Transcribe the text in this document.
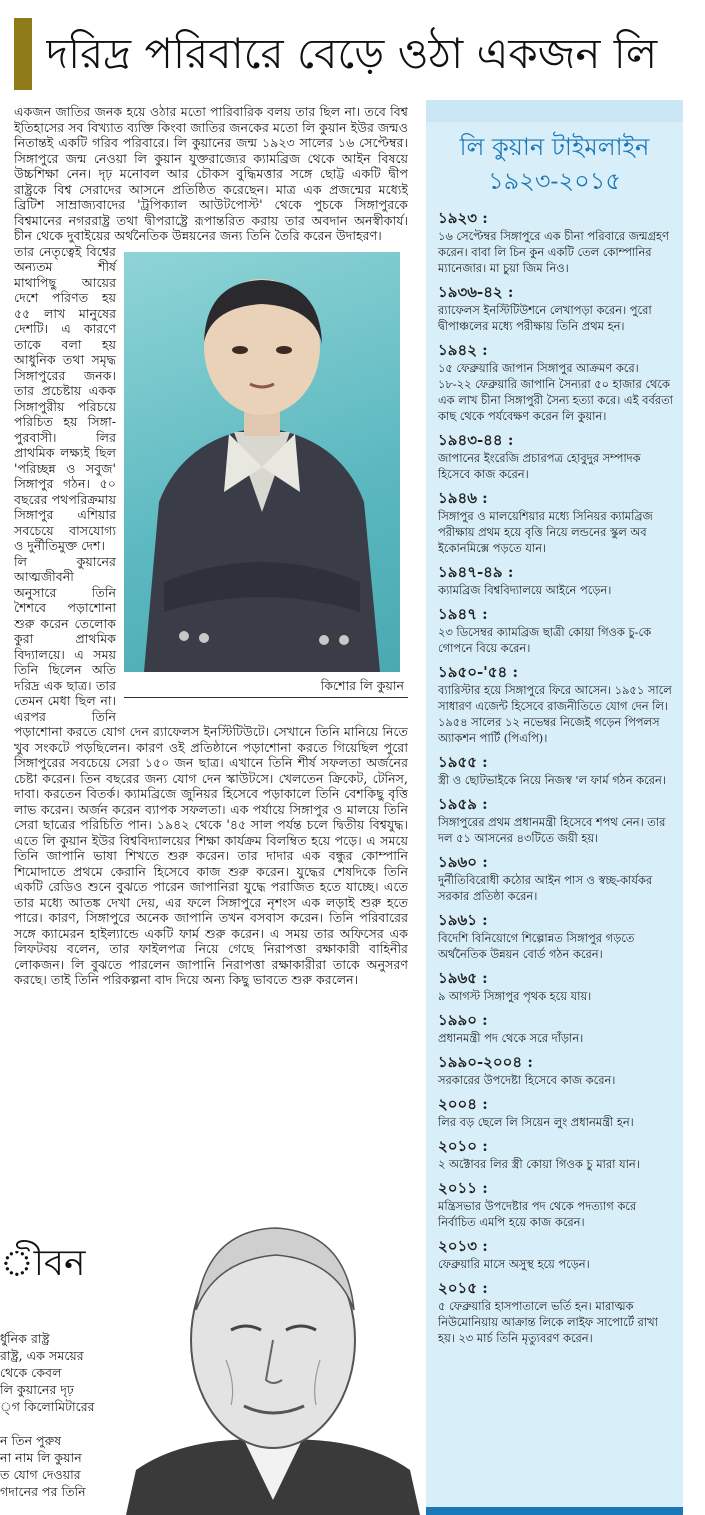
দরিদ্র পরিবারে বেড়ে ওঠা একজন লি

একজন জাতির জনক হয়ে ওঠার মতো পারিবারিক বলয় তার ছিল না। তবে বিশ্ব ইতিহাসের সব বিখ্যাত ব্যক্তি কিংবা জাতির জনকের মতো লি কুয়ান ইউর জন্মও নিতান্তই একটি গরিব পরিবারে। লি কুয়ানের জন্ম ১৯২৩ সালের ১৬ সেপ্টেম্বর। সিঙ্গাপুরে জন্ম নেওয়া লি কুয়ান যুক্তরাজ্যের ক্যামব্রিজ থেকে আইন বিষয়ে উচ্চশিক্ষা নেন। দৃঢ় মনোবল আর চৌকস বুদ্ধিমত্তার সঙ্গে ছোট্ট একটি দ্বীপ রাষ্ট্রকে বিশ্ব সেরাদের আসনে প্রতিষ্ঠিত করেছেন। মাত্র এক প্রজন্মের মধ্যেই ব্রিটিশ সাম্রাজ্যবাদের 'ট্রপিক্যাল আউটপোস্ট' থেকে পুচকে সিঙ্গাপুরকে বিশ্বমানের নগররাষ্ট্র তথা দ্বীপরাষ্ট্রে রূপান্তরিত করায় তার অবদান অনস্বীকার্য। চীন থেকে দুবাইয়ের অর্থনৈতিক উন্নয়নের জন্য তিনি তৈরি করেন উদাহরণ।

কিশোর লি কুয়ান

তার নেতৃত্বেই বিশ্বের অন্যতম শীর্ষ মাথাপিছু আয়ের দেশে পরিণত হয় ৫৫ লাখ মানুষের দেশটি। এ কারণে তাকে বলা হয় আধুনিক তথা সমৃদ্ধ সিঙ্গাপুরের জনক। তার প্রচেষ্টায় একক সিঙ্গাপুরীয় পরিচয়ে পরিচিত হয় সিঙ্গা-পুরবাসী। লির প্রাথমিক লক্ষ্যই ছিল 'পরিচ্ছন্ন ও সবুজ' সিঙ্গাপুর গঠন। ৫০ বছরের পথপরিক্রমায় সিঙ্গাপুর এশিয়ার সবচেয়ে বাসযোগ্য ও দুর্নীতিমুক্ত দেশ।

লি কুয়ানের আত্মজীবনী অনুসারে তিনি শৈশবে পড়াশোনা শুরু করেন তেলোক কুরা প্রাথমিক বিদ্যালয়ে। এ সময় তিনি ছিলেন অতি দরিদ্র এক ছাত্র। তার তেমন মেধা ছিল না। এরপর তিনি পড়াশোনা করতে যোগ দেন র‍্যাফেলস ইনস্টিটিউটে। সেখানে তিনি মানিয়ে নিতে খুব সংকটে পড়ছিলেন। কারণ ওই প্রতিষ্ঠানে পড়াশোনা করতে গিয়েছিল পুরো সিঙ্গাপুরের সবচেয়ে সেরা ১৫০ জন ছাত্র। এখানে তিনি শীর্ষ সফলতা অর্জনের চেষ্টা করেন। তিন বছরের জন্য যোগ দেন স্কাউটসে। খেলতেন ক্রিকেট, টেনিস, দাবা। করতেন বিতর্ক। ক্যামব্রিজে জুনিয়র হিসেবে পড়াকালে তিনি বেশকিছু বৃত্তি লাভ করেন। অর্জন করেন ব্যাপক সফলতা। এক পর্যায়ে সিঙ্গাপুর ও মালয়ে তিনি সেরা ছাত্রের পরিচিতি পান। ১৯৪২ থেকে '৪৫ সাল পর্যন্ত চলে দ্বিতীয় বিশ্বযুদ্ধ। এতে লি কুয়ান ইউর বিশ্ববিদ্যালয়ের শিক্ষা কার্যক্রম বিলম্বিত হয়ে পড়ে। এ সময়ে তিনি জাপানি ভাষা শিখতে শুরু করেন। তার দাদার এক বন্ধুর কোম্পানি শিমোদাতে প্রথমে কেরানি হিসেবে কাজ শুরু করেন। যুদ্ধের শেষদিকে তিনি একটি রেডিও শুনে বুঝতে পারেন জাপানিরা যুদ্ধে পরাজিত হতে যাচ্ছে। এতে তার মধ্যে আতঙ্ক দেখা দেয়, এর ফলে সিঙ্গাপুরে নৃশংস এক লড়াই শুরু হতে পারে। কারণ, সিঙ্গাপুরে অনেক জাপানি তখন বসবাস করেন। তিনি পরিবারের সঙ্গে ক্যামেরন হাইল্যান্ডে একটি ফার্ম শুরু করেন। এ সময় তার অফিসের এক লিফটবয় বলেন, তার ফাইলপত্র নিয়ে গেছে নিরাপত্তা রক্ষাকারী বাহিনীর লোকজন। লি বুঝতে পারলেন জাপানি নিরাপত্তা রক্ষাকারীরা তাকে অনুসরণ করছে। তাই তিনি পরিকল্পনা বাদ দিয়ে অন্য কিছু ভাবতে শুরু করলেন।

লি কুয়ান টাইমলাইন
১৯২৩-২০১৫
১৯২৩ :
১৬ সেপ্টেম্বর সিঙ্গাপুরে এক চীনা পরিবারে জন্মগ্রহণ করেন। বাবা লি চিন কুন একটি তেল কোম্পানির ম্যানেজার। মা চুয়া জিম নিও।
১৯৩৬-৪২ :
র‍্যাফেলস ইনস্টিটিউশনে লেখাপড়া করেন। পুরো দ্বীপাঞ্চলের মধ্যে পরীক্ষায় তিনি প্রথম হন।
১৯৪২ :
১৫ ফেব্রুয়ারি জাপান সিঙ্গাপুর আক্রমণ করে। ১৮-২২ ফেব্রুয়ারি জাপানি সৈন্যরা ৫০ হাজার থেকে এক লাখ চীনা সিঙ্গাপুরী সৈন্য হত্যা করে। এই বর্বরতা কাছ থেকে পর্যবেক্ষণ করেন লি কুয়ান।
১৯৪৩-৪৪ :
জাপানের ইংরেজি প্রচারপত্র হোবুদুর সম্পাদক হিসেবে কাজ করেন।
১৯৪৬ :
সিঙ্গাপুর ও মালয়েশিয়ার মধ্যে সিনিয়র ক্যামব্রিজ পরীক্ষায় প্রথম হয়ে বৃত্তি নিয়ে লন্ডনের স্কুল অব ইকোনমিক্সে পড়তে যান।
১৯৪৭-৪৯ :
ক্যামব্রিজ বিশ্ববিদ্যালয়ে আইনে পড়েন।
১৯৪৭ :
২৩ ডিসেম্বর ক্যামব্রিজ ছাত্রী কোয়া গিওক চু-কে গোপনে বিয়ে করেন।
১৯৫০-'৫৪ :
ব্যারিস্টার হয়ে সিঙ্গাপুরে ফিরে আসেন। ১৯৫১ সালে সাধারণ এজেন্ট হিসেবে রাজনীতিতে যোগ দেন লি। ১৯৫৪ সালের ১২ নভেম্বর নিজেই গড়েন পিপলস অ্যাকশন পার্টি (পিএপি)।
১৯৫৫ :
স্ত্রী ও ছোটভাইকে নিয়ে নিজস্ব 'ল ফার্ম গঠন করেন।
১৯৫৯ :
সিঙ্গাপুরের প্রথম প্রধানমন্ত্রী হিসেবে শপথ নেন। তার দল ৫১ আসনের ৪৩টিতে জয়ী হয়।
১৯৬০ :
দুর্নীতিবিরোধী কঠোর আইন পাস ও স্বচ্ছ-কার্যকর সরকার প্রতিষ্ঠা করেন।
১৯৬১ :
বিদেশি বিনিয়োগে শিল্পোন্নত সিঙ্গাপুর গড়তে অর্থনৈতিক উন্নয়ন বোর্ড গঠন করেন।
১৯৬৫ :
৯ আগস্ট সিঙ্গাপুর পৃথক হয়ে যায়।
১৯৯০ :
প্রধানমন্ত্রী পদ থেকে সরে দাঁড়ান।
১৯৯০-২০০৪ :
সরকারের উপদেষ্টা হিসেবে কাজ করেন।
২০০৪ :
লির বড় ছেলে লি সিয়েন লুং প্রধানমন্ত্রী হন।
২০১০ :
২ অক্টোবর লির স্ত্রী কোয়া গিওক চু মারা যান।
২০১১ :
মন্ত্রিসভার উপদেষ্টার পদ থেকে পদত্যাগ করে নির্বাচিত এমপি হয়ে কাজ করেন।
২০১৩ :
ফেব্রুয়ারি মাসে অসুস্থ হয়ে পড়েন।
২০১৫ :
৫ ফেব্রুয়ারি হাসপাতালে ভর্তি হন। মারাত্মক নিউমোনিয়ায় আক্রান্ত লিকে লাইফ সাপোর্টে রাখা হয়। ২৩ মার্চ তিনি মৃত্যুবরণ করেন।
ীবন
র্ধুনিক রাষ্ট্র
রাষ্ট্র, এক সময়ের
থেকে কেবল
লি কুয়ানের দৃঢ়
্গ কিলোমিটারের
ন তিন পুরুষ
না নাম লি কুয়ান
ত যোগ দেওয়ার
গদানের পর তিনি
